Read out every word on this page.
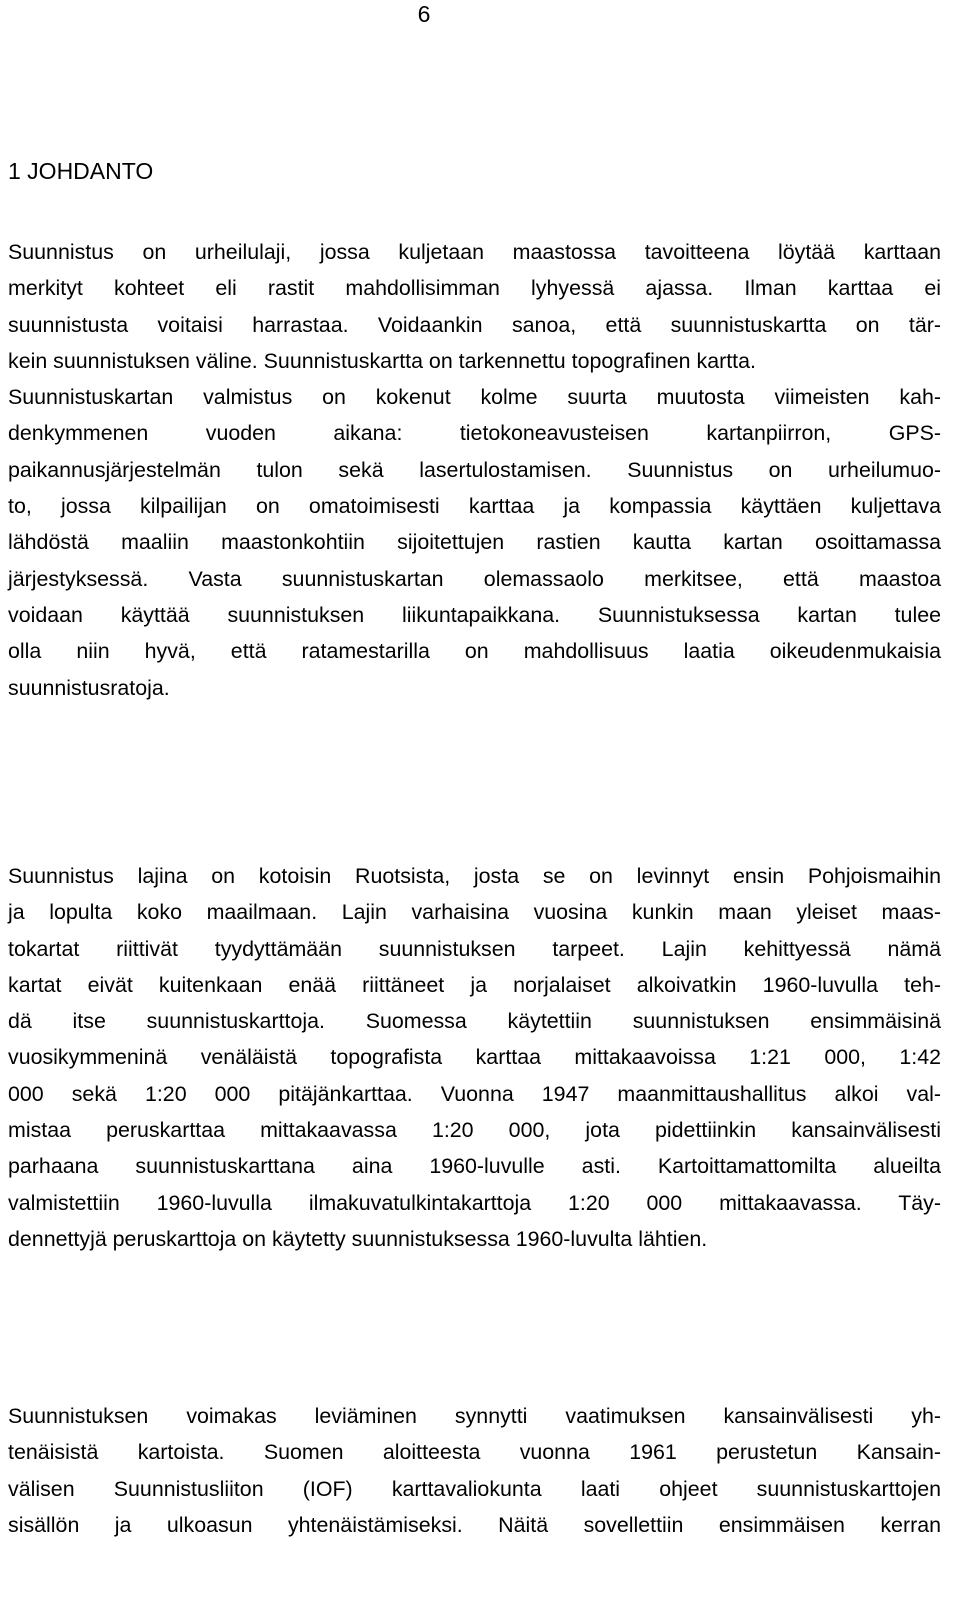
6
1 JOHDANTO
Suunnistus on urheilulaji, jossa kuljetaan maastossa tavoitteena löytää karttaan
merkityt kohteet eli rastit mahdollisimman lyhyessä ajassa. Ilman karttaa ei
suunnistusta voitaisi harrastaa. Voidaankin sanoa, että suunnistuskartta on tär-
kein suunnistuksen väline. Suunnistuskartta on tarkennettu topografinen kartta.
Suunnistuskartan valmistus on kokenut kolme suurta muutosta viimeisten kah-
denkymmenen vuoden aikana: tietokoneavusteisen kartanpiirron, GPS-
paikannusjärjestelmän tulon sekä lasertulostamisen. Suunnistus on urheilumuo-
to, jossa kilpailijan on omatoimisesti karttaa ja kompassia käyttäen kuljettava
lähdöstä maaliin maastonkohtiin sijoitettujen rastien kautta kartan osoittamassa
järjestyksessä. Vasta suunnistuskartan olemassaolo merkitsee, että maastoa
voidaan käyttää suunnistuksen liikuntapaikkana. Suunnistuksessa kartan tulee
olla niin hyvä, että ratamestarilla on mahdollisuus laatia oikeudenmukaisia
suunnistusratoja.
Suunnistus lajina on kotoisin Ruotsista, josta se on levinnyt ensin Pohjoismaihin
ja lopulta koko maailmaan. Lajin varhaisina vuosina kunkin maan yleiset maas-
tokartat riittivät tyydyttämään suunnistuksen tarpeet. Lajin kehittyessä nämä
kartat eivät kuitenkaan enää riittäneet ja norjalaiset alkoivatkin 1960-luvulla teh-
dä itse suunnistuskarttoja. Suomessa käytettiin suunnistuksen ensimmäisinä
vuosikymmeninä venäläistä topografista karttaa mittakaavoissa 1:21 000, 1:42
000 sekä 1:20 000 pitäjänkarttaa. Vuonna 1947 maanmittaushallitus alkoi val-
mistaa peruskarttaa mittakaavassa 1:20 000, jota pidettiinkin kansainvälisesti
parhaana suunnistuskarttana aina 1960-luvulle asti. Kartoittamattomilta alueilta
valmistettiin 1960-luvulla ilmakuvatulkintakarttoja 1:20 000 mittakaavassa. Täy-
dennettyjä peruskarttoja on käytetty suunnistuksessa 1960-luvulta lähtien.
Suunnistuksen voimakas leviäminen synnytti vaatimuksen kansainvälisesti yh-
tenäisistä kartoista. Suomen aloitteesta vuonna 1961 perustetun Kansain-
välisen Suunnistusliiton (IOF) karttavaliokunta laati ohjeet suunnistuskarttojen
sisällön ja ulkoasun yhtenäistämiseksi. Näitä sovellettiin ensimmäisen kerran
